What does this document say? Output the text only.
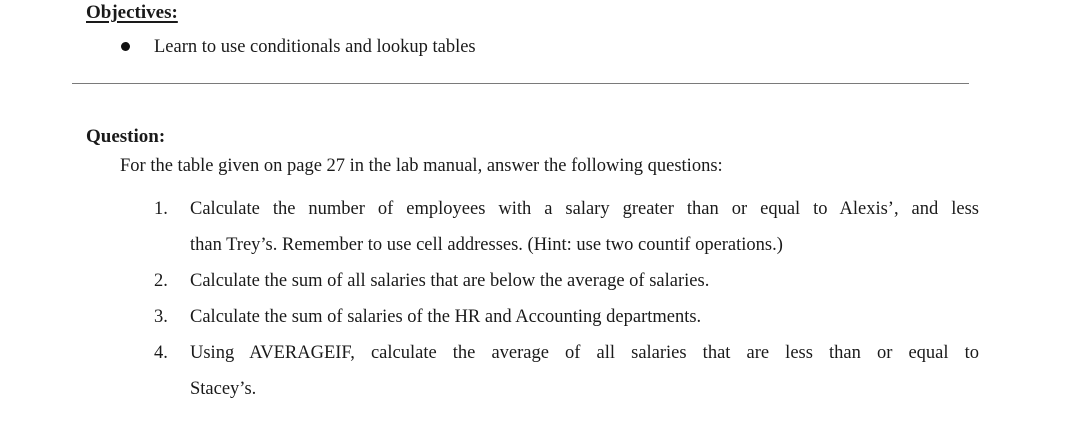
Objectives:
Learn to use conditionals and lookup tables
Question:
For the table given on page 27 in the lab manual, answer the following questions:
1. Calculate the number of employees with a salary greater than or equal to Alexis’, and less
than Trey’s. Remember to use cell addresses. (Hint: use two countif operations.)
2. Calculate the sum of all salaries that are below the average of salaries.
3. Calculate the sum of salaries of the HR and Accounting departments.
4. Using AVERAGEIF, calculate the average of all salaries that are less than or equal to
Stacey’s.
